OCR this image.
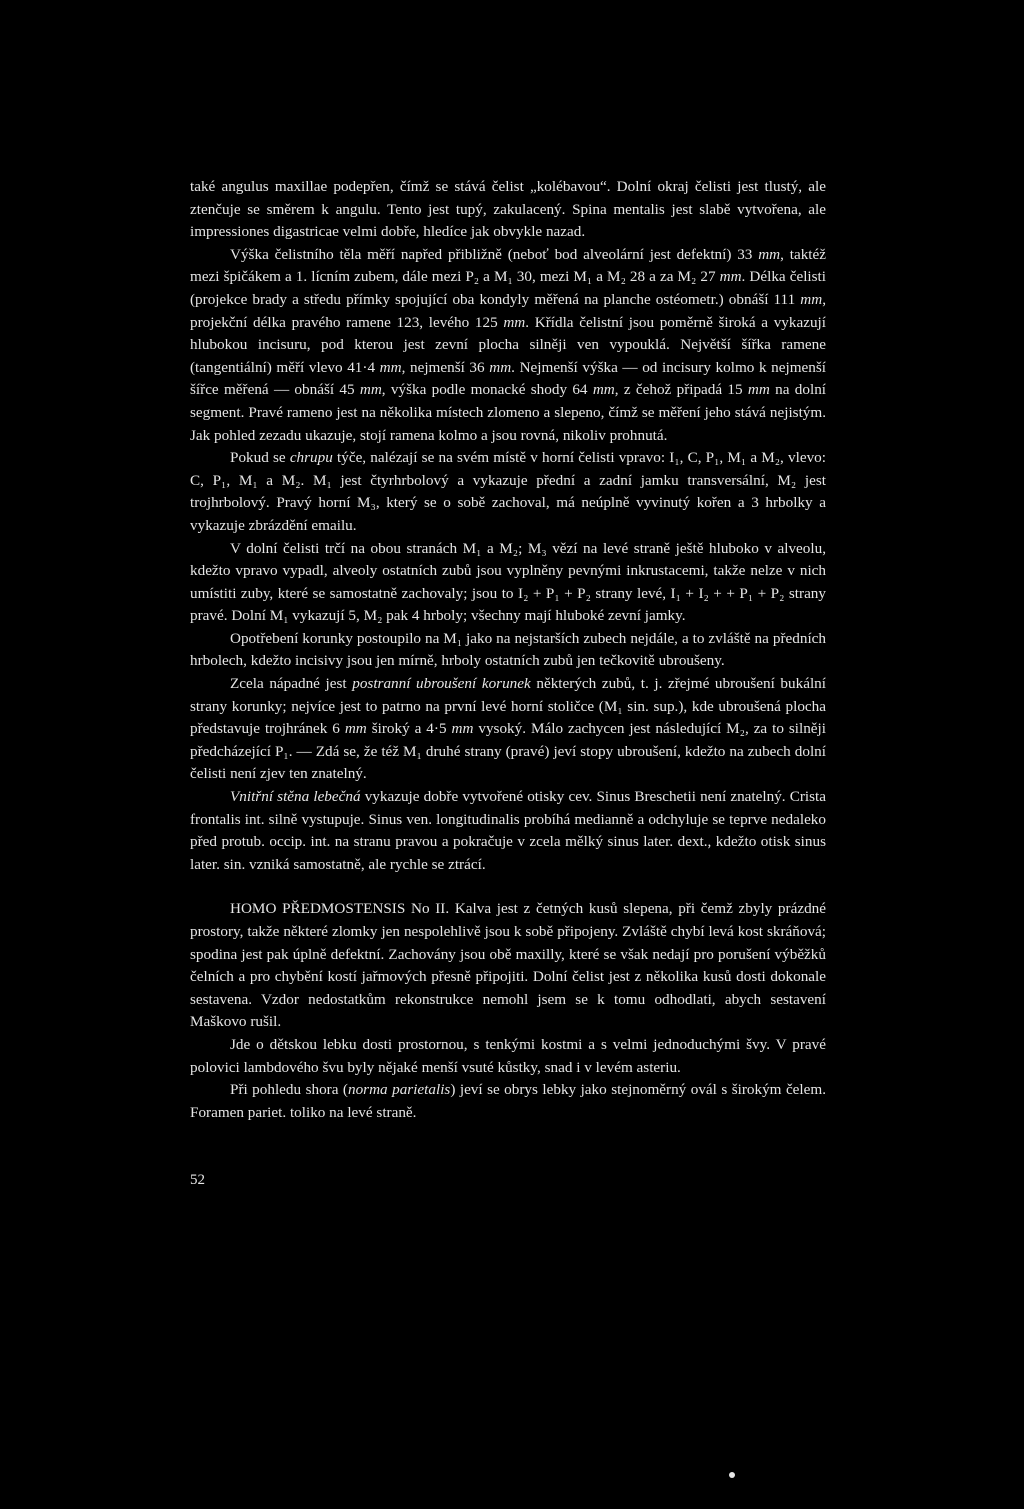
také angulus maxillae podepřen, čímž se stává čelist „kolébavou“. Dolní okraj čelisti jest tlustý, ale ztenčuje se směrem k angulu. Tento jest tupý, zakulacený. Spina mentalis jest slabě vytvořena, ale impressiones digastricae velmi dobře, hledíce jak obvykle nazad.

Výška čelistního těla měří napřed přibližně (neboť bod alveolární jest defektní) 33 mm, taktéž mezi špičákem a 1. lícním zubem, dále mezi P₂ a M₁ 30, mezi M₁ a M₂ 28 a za M₂ 27 mm. Délka čelisti (projekce brady a středu přímky spojující oba kondyly měřená na planche ostéometr.) obnáší 111 mm, projekční délka pravého ramene 123, levého 125 mm. Křídla čelistní jsou poměrně široká a vykazují hlubokou incisuru, pod kterou jest zevní plocha silněji ven vypouklá. Největší šířka ramene (tangentiální) měří vlevo 41·4 mm, nejmenší 36 mm. Nejmenší výška — od incisury kolmo k nejmenší šířce měřená — obnáší 45 mm, výška podle monacké shody 64 mm, z čehož připadá 15 mm na dolní segment. Pravé rameno jest na několika místech zlomeno a slepeno, čímž se měření jeho stává nejistým. Jak pohled zezadu ukazuje, stojí ramena kolmo a jsou rovná, nikoliv prohnutá.

Pokud se chrupu týče, nalézají se na svém místě v horní čelisti vpravo: I₁, C, P₁, M₁ a M₂, vlevo: C, P₁, M₁ a M₂. M₁ jest čtyrhrbolový a vykazuje přední a zadní jamku transversální, M₂ jest trojhrbolový. Pravý horní M₃, který se o sobě zachoval, má neúplně vyvinutý kořen a 3 hrbolky a vykazuje zbrázdění emailu.

V dolní čelisti trčí na obou stranách M₁ a M₂; M₃ vězí na levé straně ještě hluboko v alveolu, kdežto vpravo vypadl, alveoly ostatních zubů jsou vyplněny pevnými inkrustacemi, takže nelze v nich umístiti zuby, které se samostatně zachovaly; jsou to I₂ + P₁ + P₂ strany levé, I₁ + I₂ + + P₁ + P₂ strany pravé. Dolní M₁ vykazují 5, M₂ pak 4 hrboly; všechny mají hluboké zevní jamky.

Opotřebení korunky postoupilo na M₁ jako na nejstarších zubech nejdále, a to zvláště na předních hrbolech, kdežto incisivy jsou jen mírně, hrboly ostatních zubů jen tečkovitě ubroušeny.

Zcela nápadné jest postranní ubroušení korunek některých zubů, t. j. zřejmé ubroušení bukální strany korunky; nejvíce jest to patrno na první levé horní stoličce (M₁ sin. sup.), kde ubroušená plocha představuje trojhránek 6 mm široký a 4·5 mm vysoký. Málo zachycen jest následující M₂, za to silněji předcházející P₁. — Zdá se, že též M₁ druhé strany (pravé) jeví stopy ubroušení, kdežto na zubech dolní čelisti není zjev ten znatelný.

Vnitřní stěna lebečná vykazuje dobře vytvořené otisky cev. Sinus Breschetii není znatelný. Crista frontalis int. silně vystupuje. Sinus ven. longitudinalis probíhá medianně a odchyluje se teprve nedaleko před protub. occip. int. na stranu pravou a pokračuje v zcela mělký sinus later. dext., kdežto otisk sinus later. sin. vzniká samostatně, ale rychle se ztrácí.

HOMO PŘEDMOSTENSIS No II. Kalva jest z četných kusů slepena, při čemž zbyly prázdné prostory, takže některé zlomky jen nespolehlivě jsou k sobě připojeny. Zvláště chybí levá kost skráňová; spodina jest pak úplně defektní. Zachovány jsou obě maxilly, které se však nedají pro porušení výběžků čelních a pro chybění kostí jařmových přesně připojiti. Dolní čelist jest z několika kusů dosti dokonale sestavena. Vzdor nedostatkům rekonstrukce nemohl jsem se k tomu odhodlati, abych sestavení Maškovo rušil.

Jde o dětskou lebku dosti prostornou, s tenkými kostmi a s velmi jednoduchými švy. V pravé polovici lambdového švu byly nějaké menší vsuté kůstky, snad i v levém asteriu.

Při pohledu shora (norma parietalis) jeví se obrys lebky jako stejnoměrný ovál s širokým čelem. Foramen pariet. toliko na levé straně.

52
